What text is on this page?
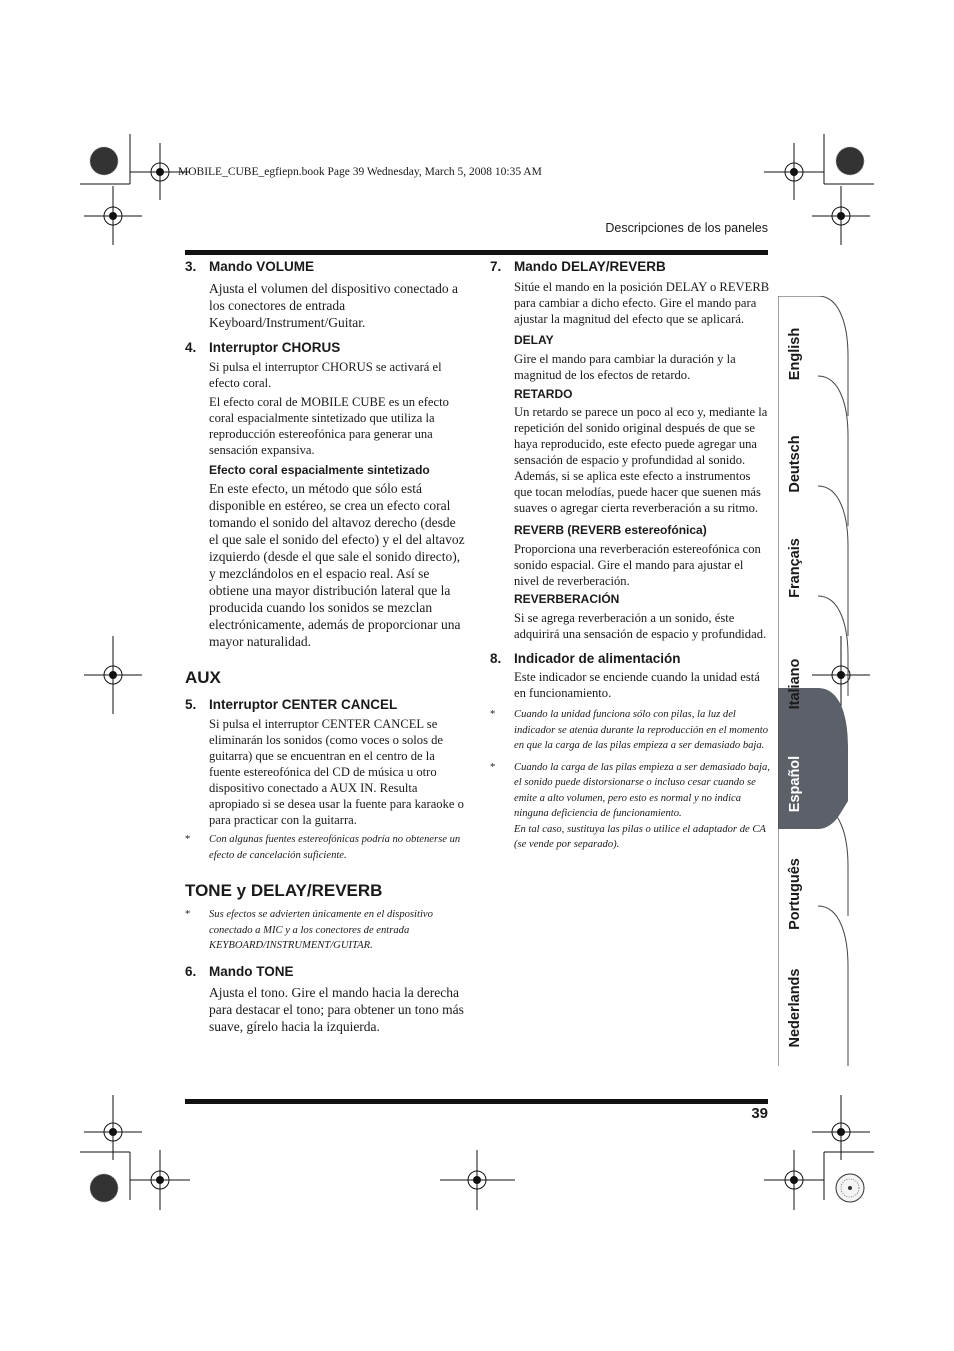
MOBILE_CUBE_egfiepn.book Page 39 Wednesday, March 5, 2008 10:35 AM
Descripciones de los paneles
3. Mando VOLUME

Ajusta el volumen del dispositivo conectado a los conectores de entrada Keyboard/Instrument/Guitar.

4. Interruptor CHORUS

Si pulsa el interruptor CHORUS se activará el efecto coral.

El efecto coral de MOBILE CUBE es un efecto coral espacialmente sintetizado que utiliza la reproducción estereofónica para generar una sensación expansiva.

Efecto coral espacialmente sintetizado

En este efecto, un método que sólo está disponible en estéreo, se crea un efecto coral tomando el sonido del altavoz derecho (desde el que sale el sonido del efecto) y el del altavoz izquierdo (desde el que sale el sonido directo), y mezclándolos en el espacio real. Así se obtiene una mayor distribución lateral que la producida cuando los sonidos se mezclan electrónicamente, además de proporcionar una mayor naturalidad.

AUX

5. Interruptor CENTER CANCEL

Si pulsa el interruptor CENTER CANCEL se eliminarán los sonidos (como voces o solos de guitarra) que se encuentran en el centro de la fuente estereofónica del CD de música u otro dispositivo conectado a AUX IN. Resulta apropiado si se desea usar la fuente para karaoke o para practicar con la guitarra.

*	Con algunas fuentes estereofónicas podría no obtenerse un efecto de cancelación suficiente.

TONE y DELAY/REVERB

*	Sus efectos se advierten únicamente en el dispositivo conectado a MIC y a los conectores de entrada KEYBOARD/INSTRUMENT/GUITAR.
6. Mando TONE

Ajusta el tono. Gire el mando hacia la derecha para destacar el tono; para obtener un tono más suave, gírelo hacia la izquierda.

7. Mando DELAY/REVERB

Sitúe el mando en la posición DELAY o REVERB para cambiar a dicho efecto. Gire el mando para ajustar la magnitud del efecto que se aplicará.

DELAY

Gire el mando para cambiar la duración y la magnitud de los efectos de retardo.

RETARDO

Un retardo se parece un poco al eco y, mediante la repetición del sonido original después de que se haya reproducido, este efecto puede agregar una sensación de espacio y profundidad al sonido. Además, si se aplica este efecto a instrumentos que tocan melodías, puede hacer que suenen más suaves o agregar cierta reverberación a su ritmo.

REVERB (REVERB estereofónica)

Proporciona una reverberación estereofónica con sonido espacial. Gire el mando para ajustar el nivel de reverberación.

REVERBERACIÓN

Si se agrega reverberación a un sonido, éste adquirirá una sensación de espacio y profundidad.

8. Indicador de alimentación

Este indicador se enciende cuando la unidad está en funcionamiento.

*	Cuando la unidad funciona sólo con pilas, la luz del indicador se atenúa durante la reproducción en el momento en que la carga de las pilas empieza a ser demasiado baja.
*	Cuando la carga de las pilas empieza a ser demasiado baja, el sonido puede distorsionarse o incluso cesar cuando se emite a alto volumen, pero esto es normal y no indica ninguna deficiencia de funcionamiento.
En tal caso, sustituya las pilas o utilice el adaptador de CA (se vende por separado).
English
Deutsch
Français
Italiano
Español
Português
Nederlands
39
